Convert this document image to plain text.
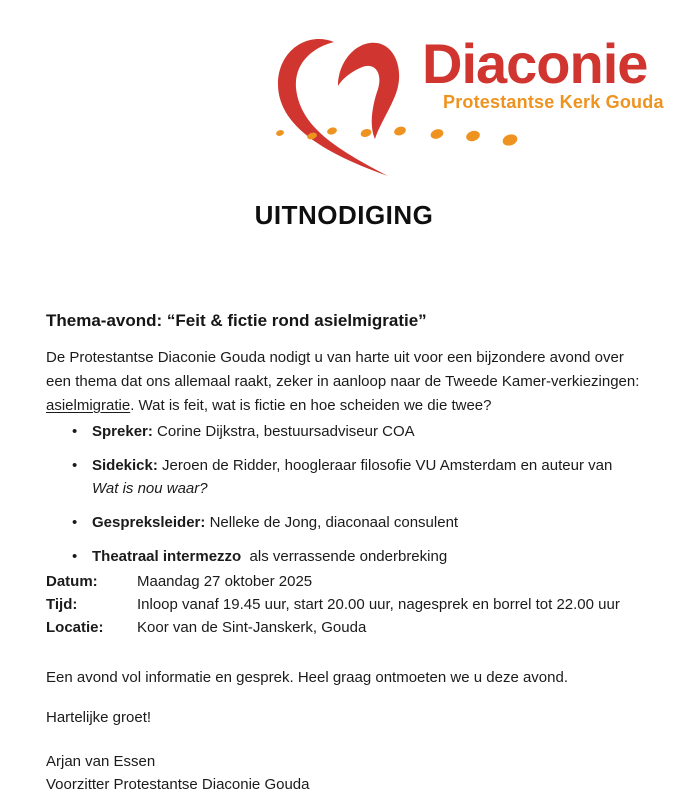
Diaconie
Protestantse Kerk Gouda
UITNODIGING
Thema-avond: “Feit & fictie rond asielmigratie”

De Protestantse Diaconie Gouda nodigt u van harte uit voor een bijzondere avond over
een thema dat ons allemaal raakt, zeker in aanloop naar de Tweede Kamer-verkiezingen:
asielmigratie. Wat is feit, wat is fictie en hoe scheiden we die twee?

• Spreker: Corine Dijkstra, bestuursadviseur COA
• Sidekick: Jeroen de Ridder, hoogleraar filosofie VU Amsterdam en auteur van
Wat is nou waar?
• Gespreksleider: Nelleke de Jong, diaconaal consulent
• Theatraal intermezzo  als verrassende onderbreking
Datum:	Maandag 27 oktober 2025
Tijd:	Inloop vanaf 19.45 uur, start 20.00 uur, nagesprek en borrel tot 22.00 uur
Locatie:	Koor van de Sint-Janskerk, Gouda

Een avond vol informatie en gesprek. Heel graag ontmoeten we u deze avond.

Hartelijke groet!

Arjan van Essen
Voorzitter Protestantse Diaconie Gouda
